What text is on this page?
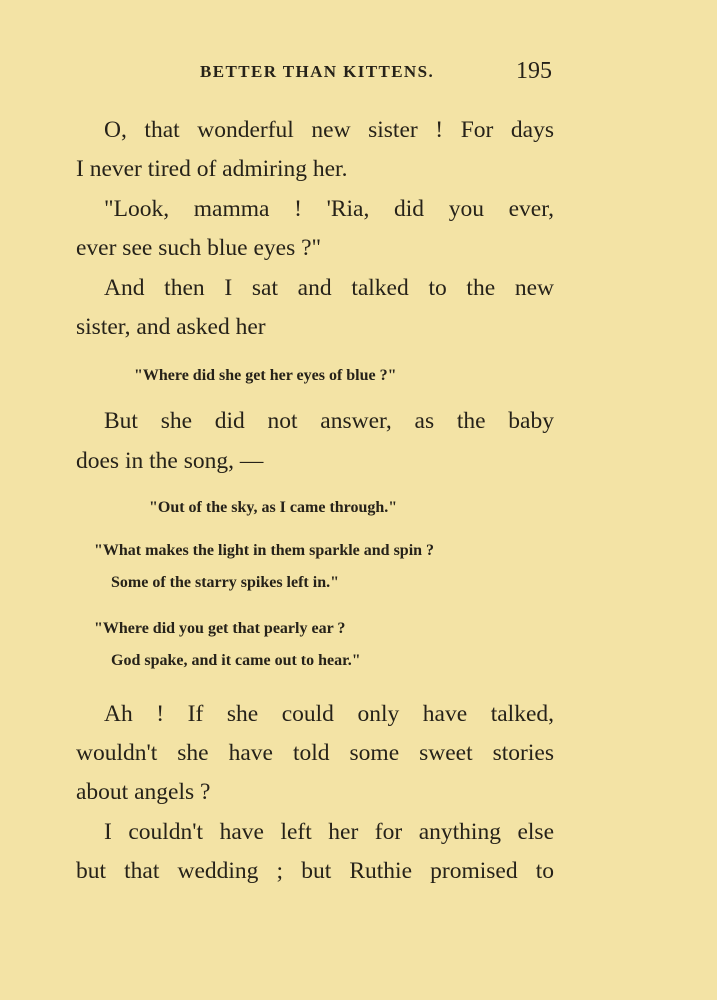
BETTER THAN KITTENS.	195
O, that wonderful new sister ! For days
I never tired of admiring her.
"Look, mamma ! 'Ria, did you ever,
ever see such blue eyes ?"
And then I sat and talked to the new
sister, and asked her
"Where did she get her eyes of blue ?"
But she did not answer, as the baby
does in the song, —
"Out of the sky, as I came through."
"What makes the light in them sparkle and spin ?
Some of the starry spikes left in."
"Where did you get that pearly ear ?
God spake, and it came out to hear."
Ah ! If she could only have talked,
wouldn't she have told some sweet stories
about angels ?
I couldn't have left her for anything else
but that wedding ; but Ruthie promised to
